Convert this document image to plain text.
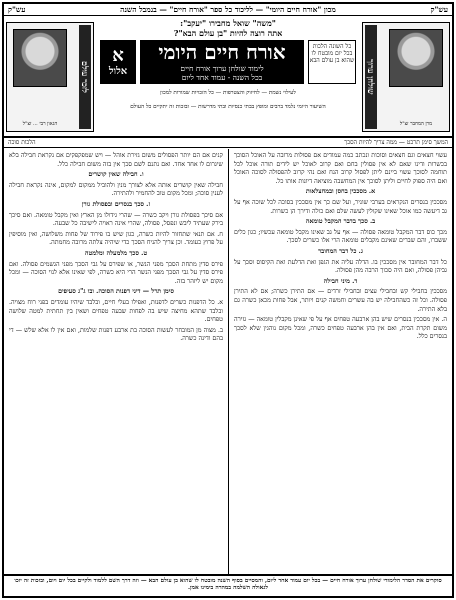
עש"ק
מכון "אורח חיים היומי" — לליכוד כל ספר "אורח חיים" — בנמבל השנה
עש"ק
שולחן ערוך
מרן המחבר זצ"ל
לזכר עולם
הגאון רבי ... זצ"ל
"משה" שואל מחבירו "יעקב":
אתה רוצה להיות "בן עולם הבא"?
כל השונה הלכות בכל יום מובטח לו שהוא בן עולם הבא
אורח חיים היומי
לימוד שולחן ערוך אורח חיים
בכל השנה - עמוד אחד ליום
א
אלול
לעילוי נשמת — לחיזוק והצטרפות — כל הזכויות שמורות למכון
השיעור היומי נלמד ברבים ומופץ בבתי כנסיות ובתי מדרשות — ובזכות זה יתקיים כל העולם
המשך סימן תרכט — ממה צריך להיות הסכך
הלכות סוכה

עשוי חצאים וגם חצאים וסוכות ונכתב כמה עמודים אם פסולות מרובה על האוכל הסוכך בכשרות ודינו שאם לא אין פסולין בחם ואם קרוב לאוכל יש לידים תורה אוכל לכל תוחמה לסוכך עשוי ביינם ליתן לפסול קרוב הנח ואם נהי קרוב להפסולה לסוכה האוכל ואם היה ספוק לחיים וליתן לסוכך אין המחשבה מוציאה דיונות אותו כל.

א. מסככין בחסן ובמחצלאות

מסככין בנסרים הנקראים בערבי שוניר, ועל שם כך אין מסככין בסוכה לכל שוכה אף על גב דיעשה כמו אוכל שאינו שקולין לעשה שלם ואם כולה ודירך הן כשרות.

ב. סכך בדבר המקבל טומאה

מכך כוס דבר המקבל טומאה פסולה — אף על גב שאינו מקבל טומאה עכשיו; כגון כלים ששברו, והם שברים שאינם מקבלים טומאה הרי אלו כשרים לסכך.

ג. כל דבר המחובר

כל דבר המחובר אין מסככין בו. הדלה עליה את הגפן ואת הדלעת ואת הקיסוס וסכך על גביהן פסולה, ואם היה סכוך הרבה מהן פסולה.

ד. מיני חבילה

מסככין בחבילי קש ובחבילי עצים ובחבילי זרדים — אם התירן כשרה; אם לא התירן פסולה. וכל זה כשהחבילה יש בה עשרים וחמשה קנים ויותר, אבל פחות מכאן כשרה גם בלא התירה.

ה. אין מסככין בנסרים שיש בהן ארבעה טפחים אף על פי שאינן מקבלין טומאה — גזירה משום תקרת הבית, ואם אין בהן ארבעה טפחים כשרה, ומכל מקום נוהגין שלא לסכך בנסרים כלל.

קנים אם הם יותר הפסולים משום גזירת אוהל — ויש שמפקפקים אם נקראת חבילה בלא שיגרום לו אחד אחד. ואם נתנם לשם סכך אין בזה משום חבילה כלל.

ו. חבילה שאין קושרים

חבילה שאין קושרים אותה אלא לצורך מנין ולהוביל ממקום למקום, אינה נקראת חבילה לענין סוכה; ומכל מקום טוב להחמיר ולהתירה.

ז. סכך בנסרים ובפסולת גורן

אם סיכך בפסולת גורן ויקב כשרה — שהרי גידולו מן הארץ ואין מקבל טומאה. ואם סיכך בירק שעתיד ליבש ונפסל, פסולה, שהרי אינה ראויה לישיבה כל שבעה.

ח. אם תנאי שתחזור להיות כשרה, כגון שיש בו פירוד של פחות משלושה, ואין מוסיפין על פרוץ כעומד. וכן צריך להניח הסכך כדי שיהיה צלתה מרובה מחמתה.

ט. סכך מלמעלה ומלמטה

פירס סדין מתחת הסכך מפני הנשר, או שפירס על גבי הסכך מפני הגשמים פסולה. ואם פירס סדין על גבי הסכך מפני הנשר הרי היא כשרה, לפי שאינו אלא לנוי הסוכה — ומכל מקום יש ליזהר בזה.

סימן תרל — דיני דפנות הסוכה. ובו ג"ג סעיפים

א. כל הדפנות כשרים לדפנות, ואפילו בעלי חיים, ובלבד שיהיו עומדים בפני רוח מצויה. ובלבד שתהא מחיצה שיש בה לפחות שבעה טפחים ושאין בין תחתית למטה שלושה טפחים.

ב. מצוה מן המובחר לעשות הסוכה בת ארבע דפנות שלמות, ואם אין לו אלא שלש — די בהם ודינה כשרה.

סוקרים את הסדר הלימודי שולחן ערוך אורח חיים — בכל יום עמוד אחד ליום, והמסיים בסוף השנה מובטח לו שהוא בן עולם הבא — וזה דרך השם ללמוד ולקיים בכל יום ויום, ובזכות זה יזכו לגאולה השלמה במהרה בימינו אמן.
